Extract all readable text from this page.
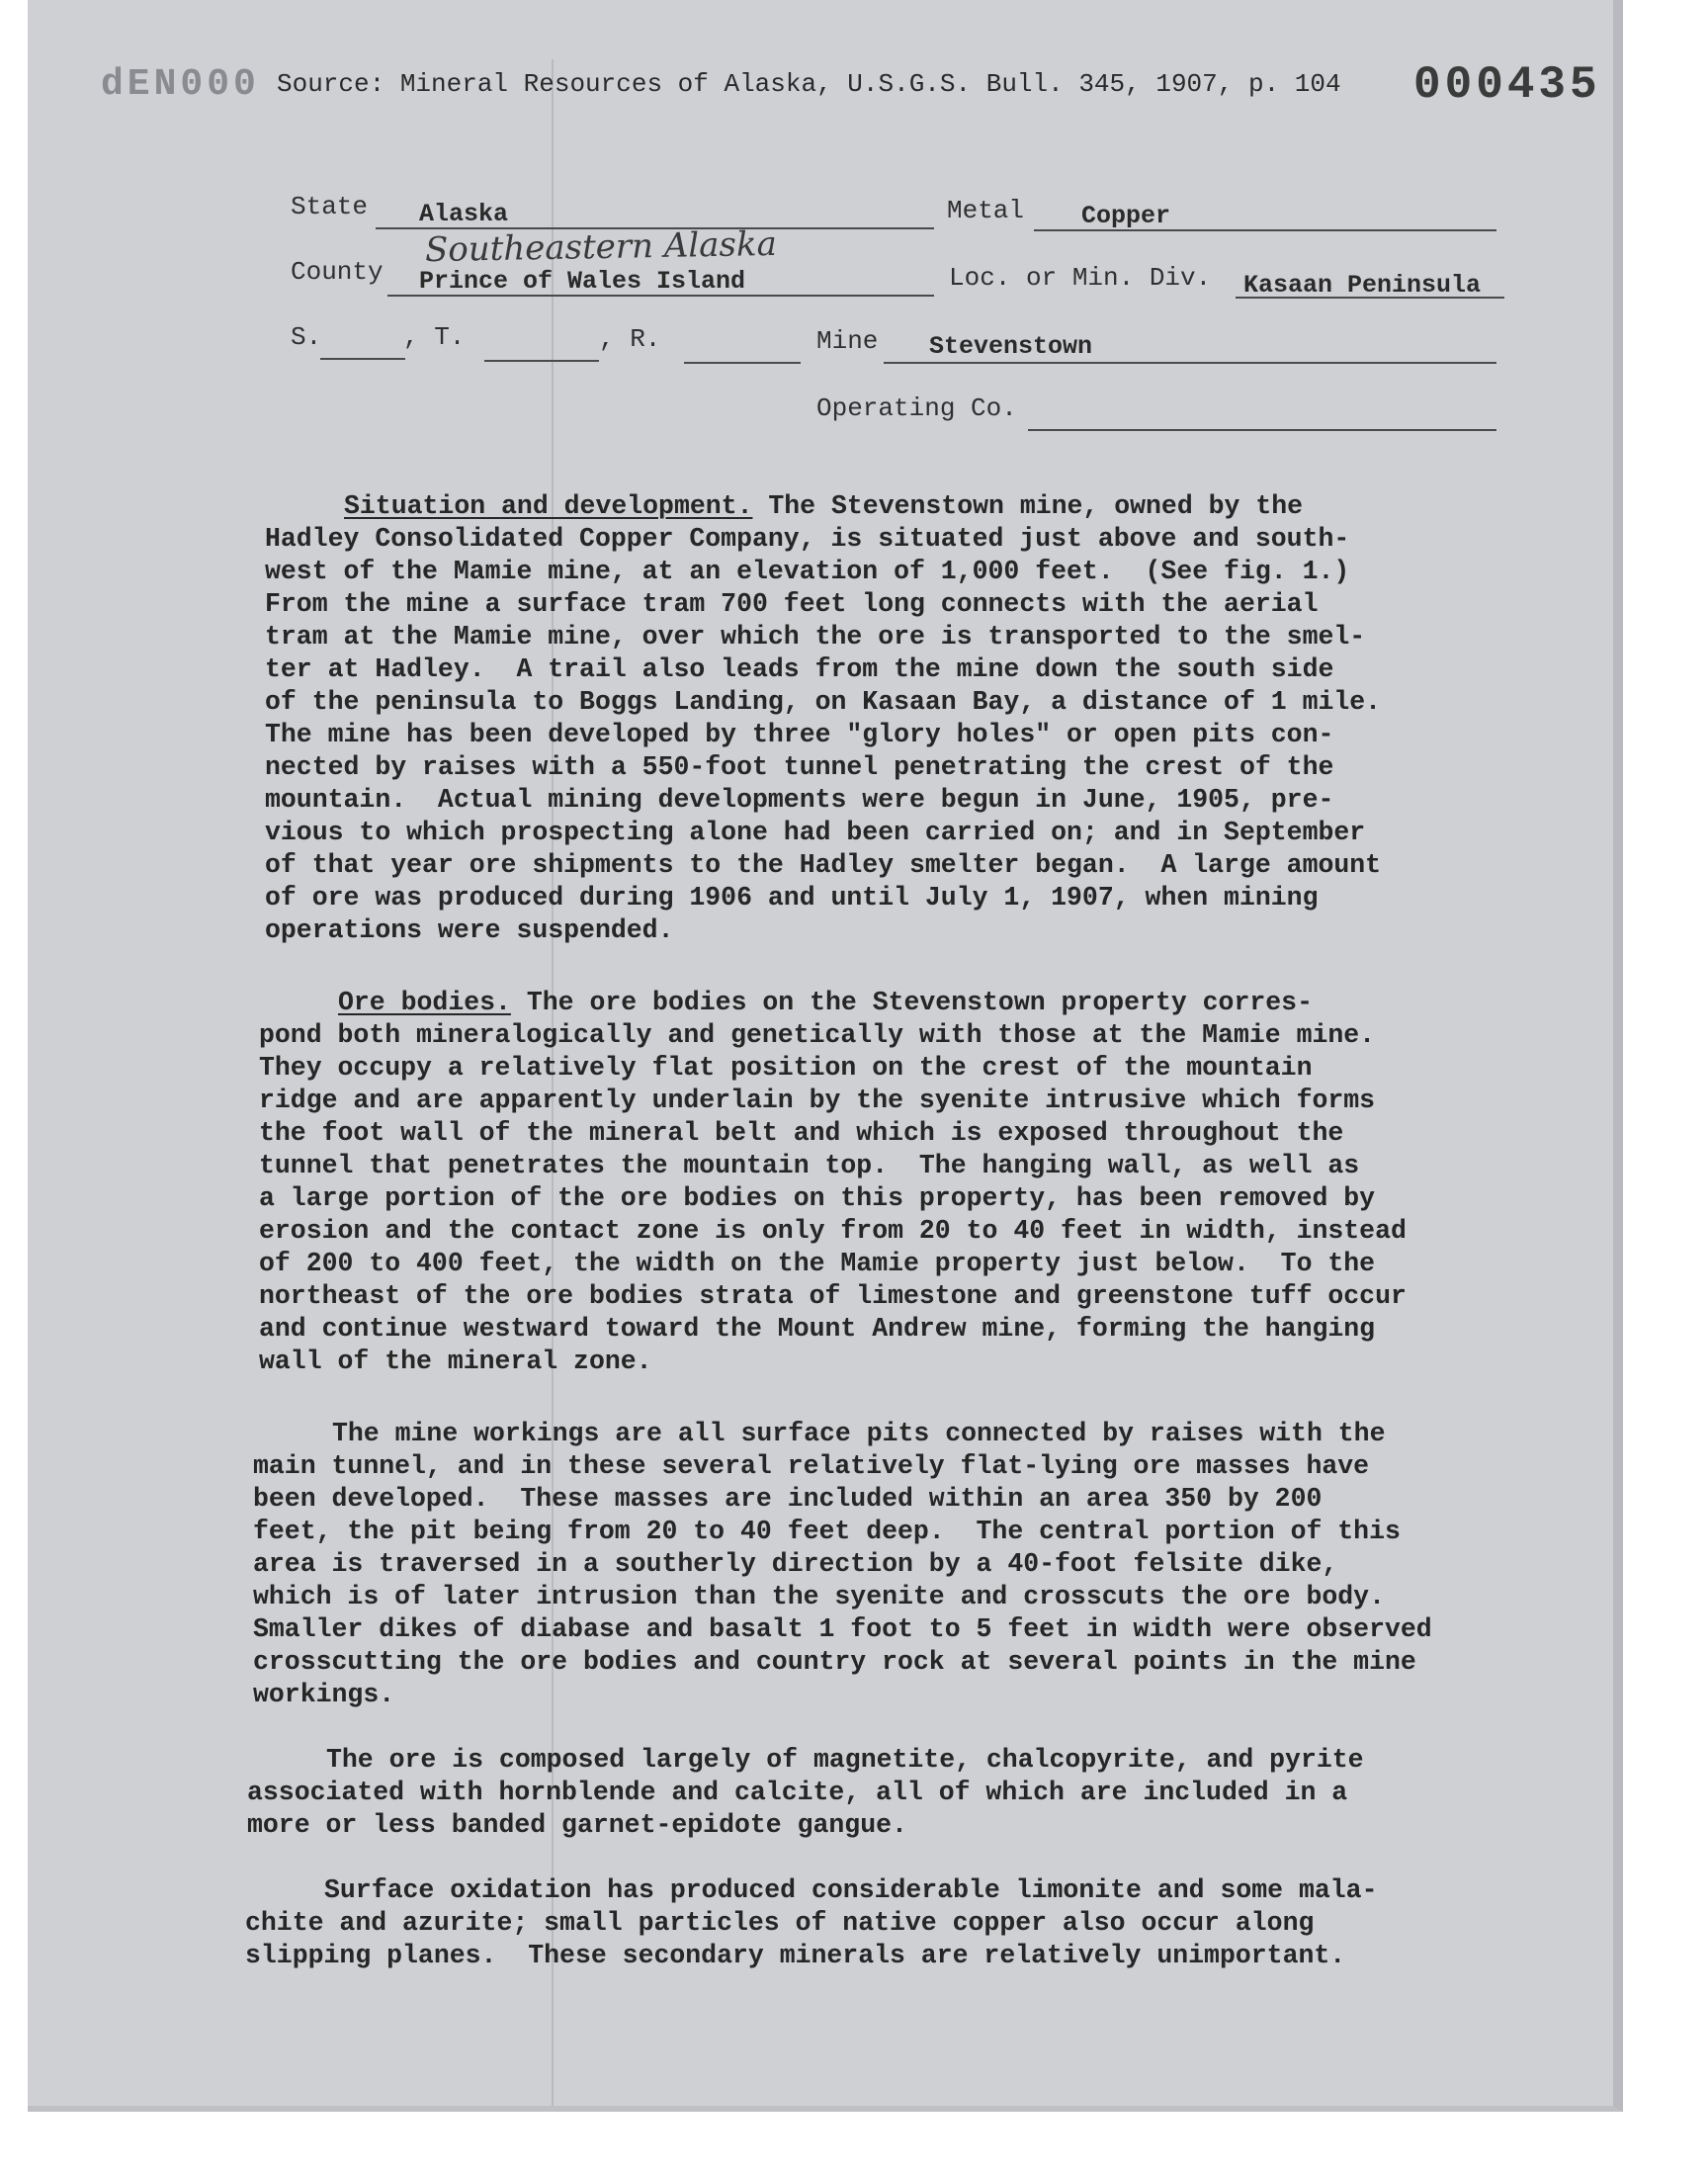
dEN000 Source: Mineral Resources of Alaska, U.S.G.S. Bull. 345, 1907, p. 104 000435
State Alaska	Metal Copper
Southeastern Alaska
County Prince of Wales Island	Loc. or Min. Div. Kasaan Peninsula
S.	, T.	, R.	Mine Stevenstown
Operating Co.
Situation and development. The Stevenstown mine, owned by the
Hadley Consolidated Copper Company, is situated just above and south-
west of the Mamie mine, at an elevation of 1,000 feet.  (See fig. 1.)
From the mine a surface tram 700 feet long connects with the aerial
tram at the Mamie mine, over which the ore is transported to the smel-
ter at Hadley.  A trail also leads from the mine down the south side
of the peninsula to Boggs Landing, on Kasaan Bay, a distance of 1 mile.
The mine has been developed by three "glory holes" or open pits con-
nected by raises with a 550-foot tunnel penetrating the crest of the
mountain.  Actual mining developments were begun in June, 1905, pre-
vious to which prospecting alone had been carried on; and in September
of that year ore shipments to the Hadley smelter began.  A large amount
of ore was produced during 1906 and until July 1, 1907, when mining
operations were suspended.
Ore bodies. The ore bodies on the Stevenstown property corres-
pond both mineralogically and genetically with those at the Mamie mine.
They occupy a relatively flat position on the crest of the mountain
ridge and are apparently underlain by the syenite intrusive which forms
the foot wall of the mineral belt and which is exposed throughout the
tunnel that penetrates the mountain top.  The hanging wall, as well as
a large portion of the ore bodies on this property, has been removed by
erosion and the contact zone is only from 20 to 40 feet in width, instead
of 200 to 400 feet, the width on the Mamie property just below.  To the
northeast of the ore bodies strata of limestone and greenstone tuff occur
and continue westward toward the Mount Andrew mine, forming the hanging
wall of the mineral zone.
The mine workings are all surface pits connected by raises with the
main tunnel, and in these several relatively flat-lying ore masses have
been developed.  These masses are included within an area 350 by 200
feet, the pit being from 20 to 40 feet deep.  The central portion of this
area is traversed in a southerly direction by a 40-foot felsite dike,
which is of later intrusion than the syenite and crosscuts the ore body.
Smaller dikes of diabase and basalt 1 foot to 5 feet in width were observed
crosscutting the ore bodies and country rock at several points in the mine
workings.
The ore is composed largely of magnetite, chalcopyrite, and pyrite
associated with hornblende and calcite, all of which are included in a
more or less banded garnet-epidote gangue.
Surface oxidation has produced considerable limonite and some mala-
chite and azurite; small particles of native copper also occur along
slipping planes.  These secondary minerals are relatively unimportant.
